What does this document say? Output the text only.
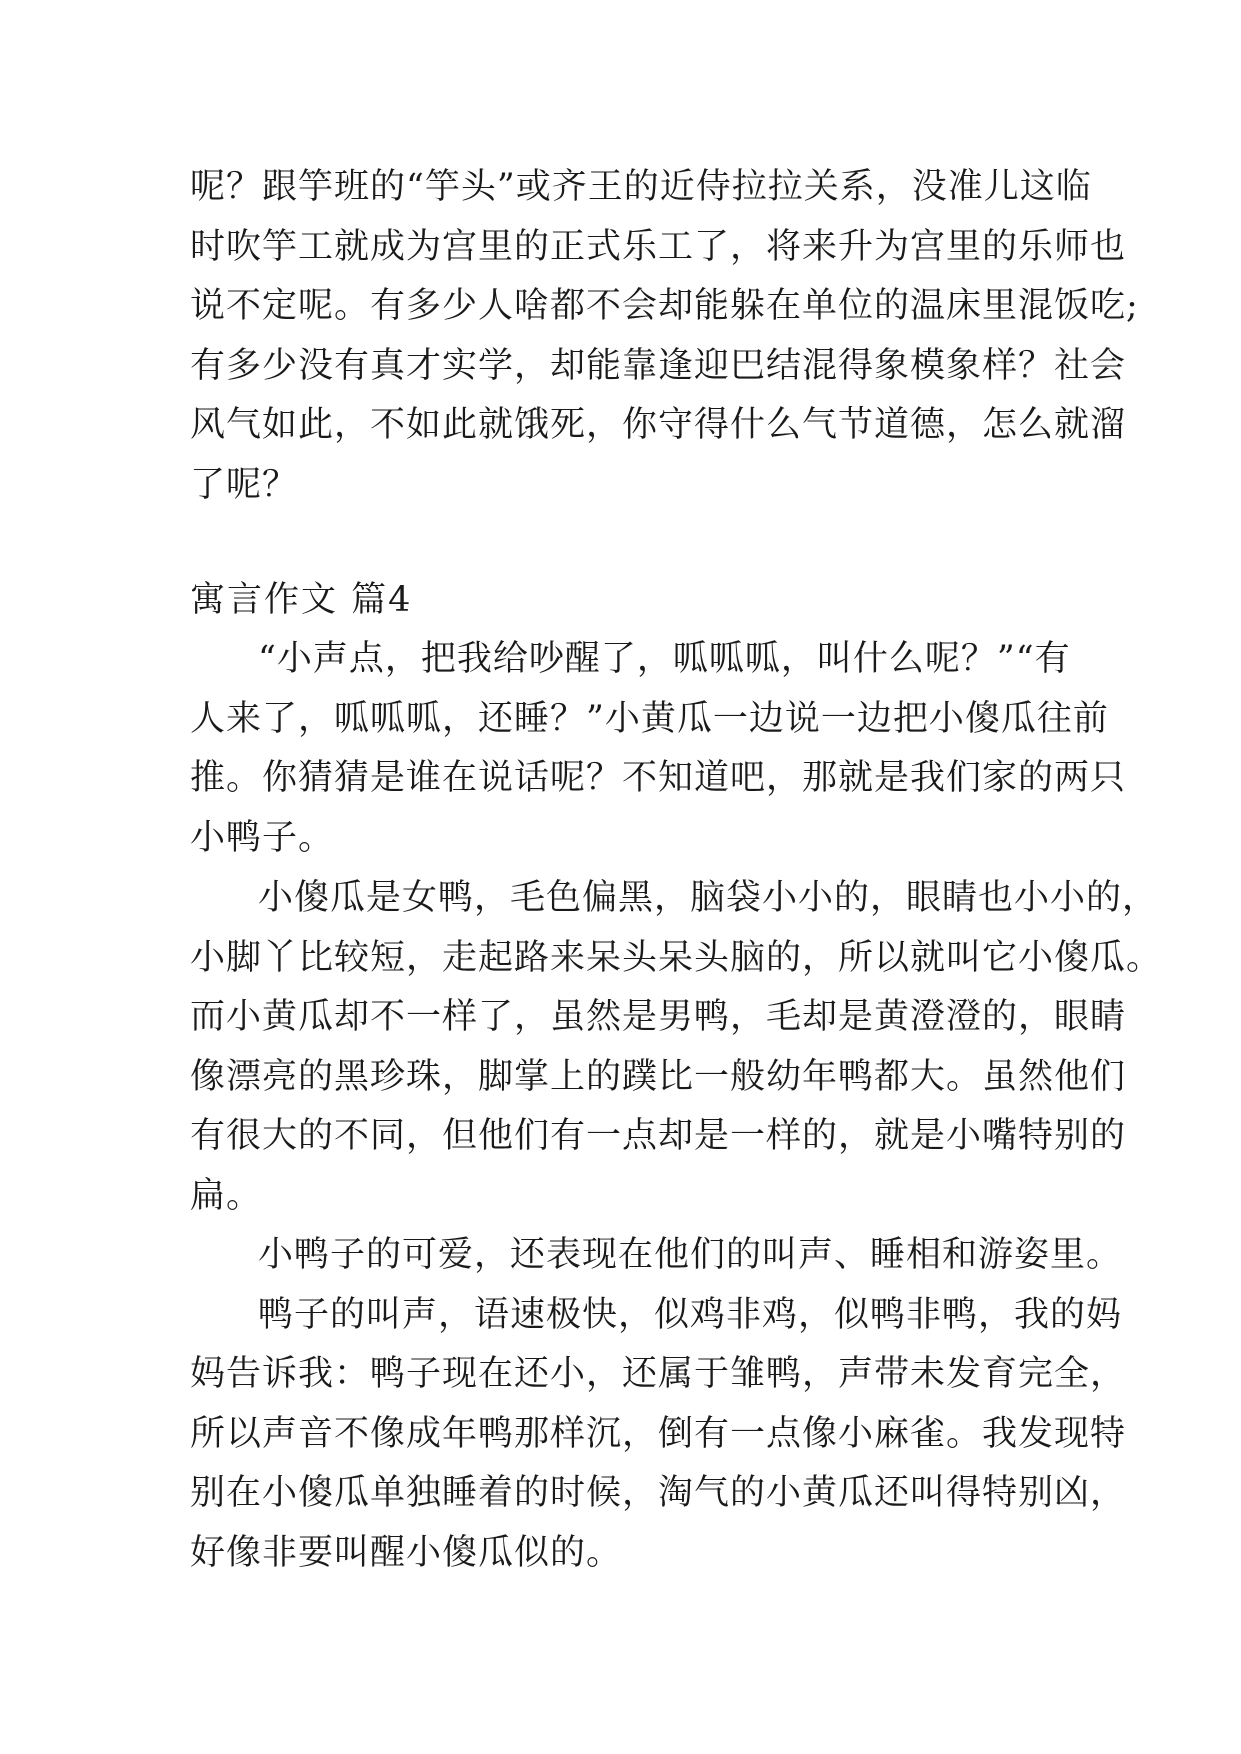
呢？跟竽班的“竽头”或齐王的近侍拉拉关系，没准儿这临
时吹竽工就成为宫里的正式乐工了，将来升为宫里的乐师也
说不定呢。有多少人啥都不会却能躲在单位的温床里混饭吃;
有多少没有真才实学，却能靠逢迎巴结混得象模象样？社会
风气如此，不如此就饿死，你守得什么气节道德，怎么就溜
了呢？
寓言作文 篇4
“小声点，把我给吵醒了，呱呱呱，叫什么呢？”“有
人来了，呱呱呱，还睡？”小黄瓜一边说一边把小傻瓜往前
推。你猜猜是谁在说话呢？不知道吧，那就是我们家的两只
小鸭子。
小傻瓜是女鸭，毛色偏黑，脑袋小小的，眼睛也小小的，
小脚丫比较短，走起路来呆头呆头脑的，所以就叫它小傻瓜。
而小黄瓜却不一样了，虽然是男鸭，毛却是黄澄澄的，眼睛
像漂亮的黑珍珠，脚掌上的蹼比一般幼年鸭都大。虽然他们
有很大的不同，但他们有一点却是一样的，就是小嘴特别的
扁。
小鸭子的可爱，还表现在他们的叫声、睡相和游姿里。
鸭子的叫声，语速极快，似鸡非鸡，似鸭非鸭，我的妈
妈告诉我：鸭子现在还小，还属于雏鸭，声带未发育完全，
所以声音不像成年鸭那样沉，倒有一点像小麻雀。我发现特
别在小傻瓜单独睡着的时候，淘气的小黄瓜还叫得特别凶，
好像非要叫醒小傻瓜似的。
